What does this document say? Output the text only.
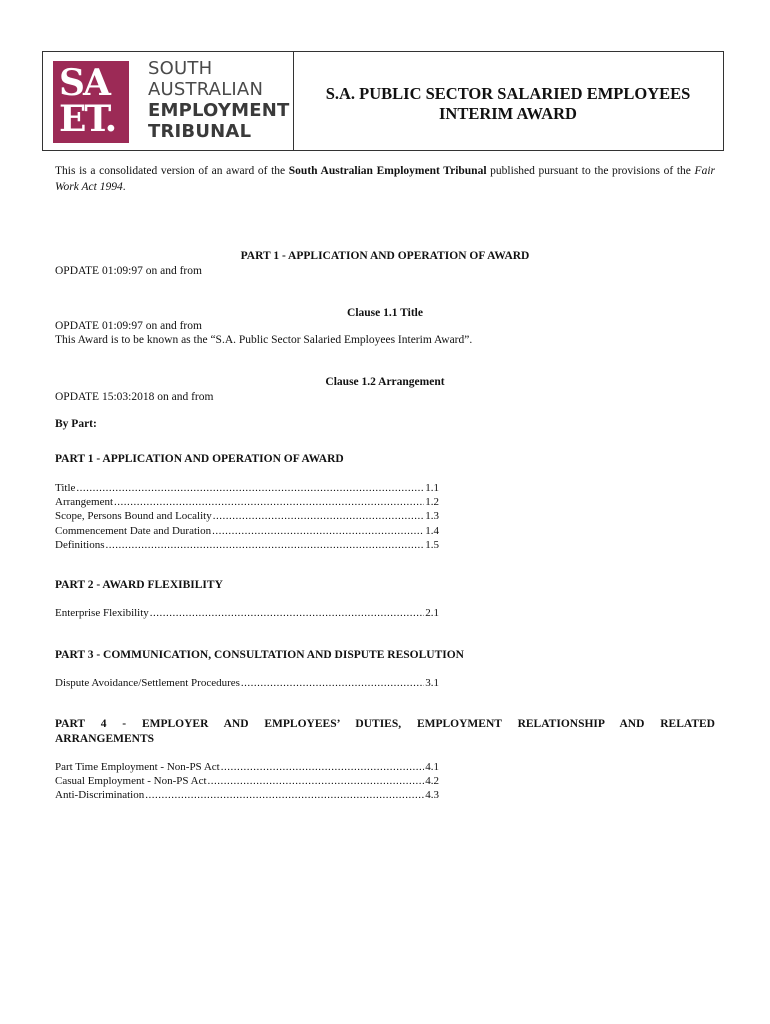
SA
ET.
SOUTH
AUSTRALIAN
EMPLOYMENT
TRIBUNAL
S.A. PUBLIC SECTOR SALARIED EMPLOYEES
INTERIM AWARD
This is a consolidated version of an award of the South Australian Employment Tribunal published pursuant to the provisions of the Fair Work Act 1994.
PART 1 - APPLICATION AND OPERATION OF AWARD
OPDATE 01:09:97 on and from
Clause 1.1 Title
OPDATE 01:09:97 on and from
This Award is to be known as the “S.A. Public Sector Salaried Employees Interim Award”.
Clause 1.2 Arrangement
OPDATE 15:03:2018 on and from
By Part:
PART 1 - APPLICATION AND OPERATION OF AWARD
Title .....	1.1
Arrangement .....	1.2
Scope, Persons Bound and Locality .....	1.3
Commencement Date and Duration .....	1.4
Definitions .....	1.5
PART 2 - AWARD FLEXIBILITY
Enterprise Flexibility .....	2.1
PART 3 - COMMUNICATION, CONSULTATION AND DISPUTE RESOLUTION
Dispute Avoidance/Settlement Procedures .....	3.1
PART 4 - EMPLOYER AND EMPLOYEES’ DUTIES, EMPLOYMENT RELATIONSHIP AND RELATED
ARRANGEMENTS
Part Time Employment - Non-PS Act .....	4.1
Casual Employment - Non-PS Act .....	4.2
Anti-Discrimination .....	4.3
